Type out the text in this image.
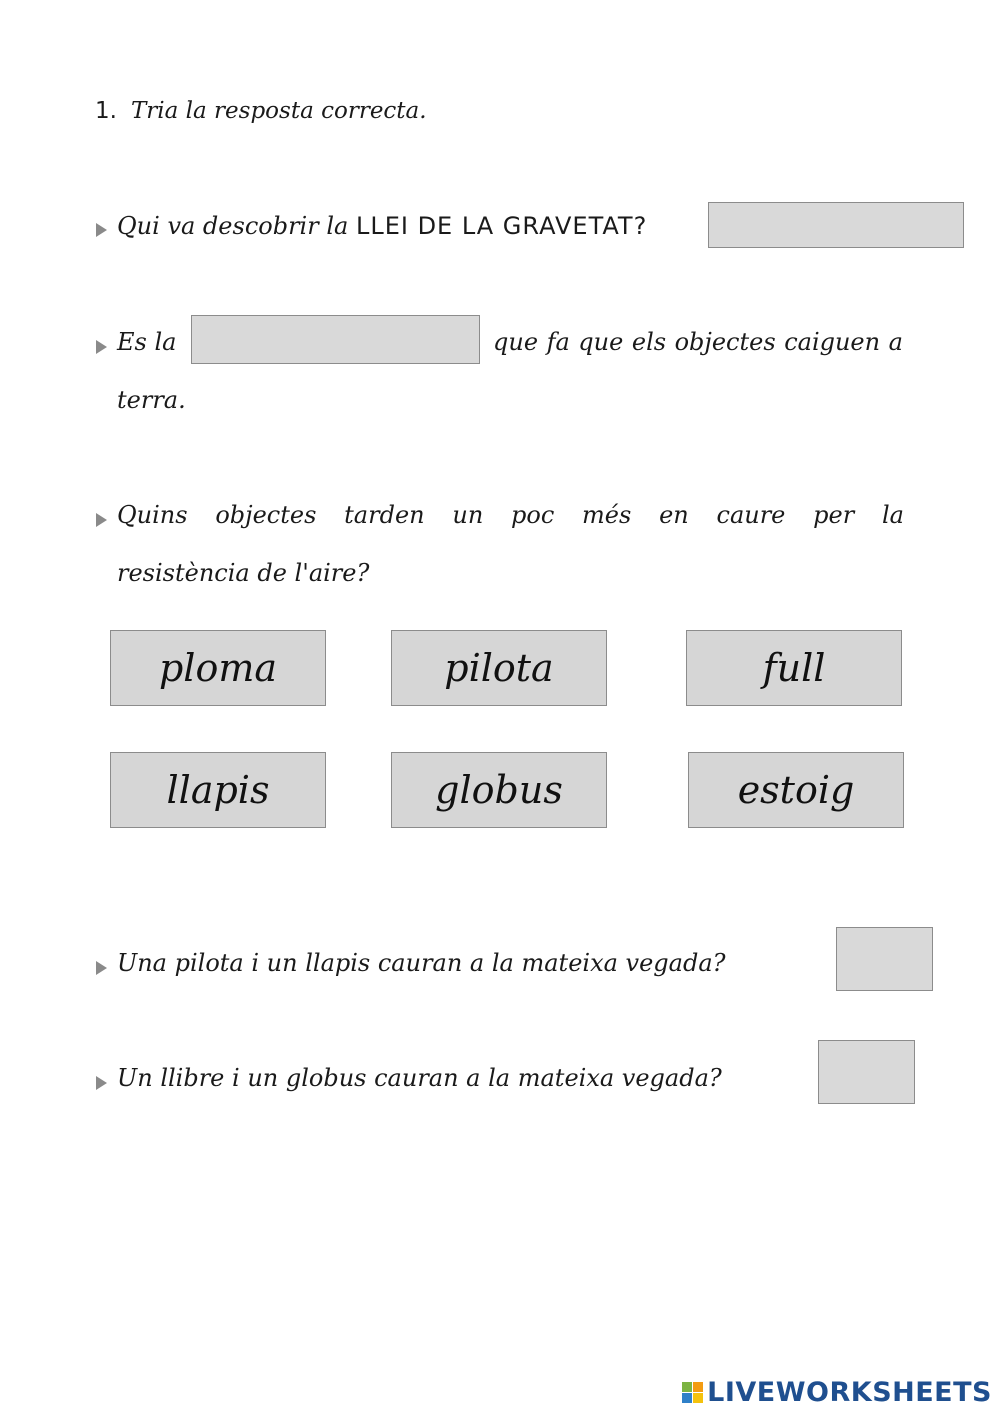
1. Tria la resposta correcta.
Qui va descobrir la LLEI DE LA GRAVETAT?
Es la	que fa que els objectes caiguen a
terra.
Quins objectes tarden un poc més en caure per la
resistència de l'aire?
ploma	pilota	full
llapis	globus	estoig
Una pilota i un llapis cauran a la mateixa vegada?
Un llibre i un globus cauran a la mateixa vegada?
LIVEWORKSHEETS
